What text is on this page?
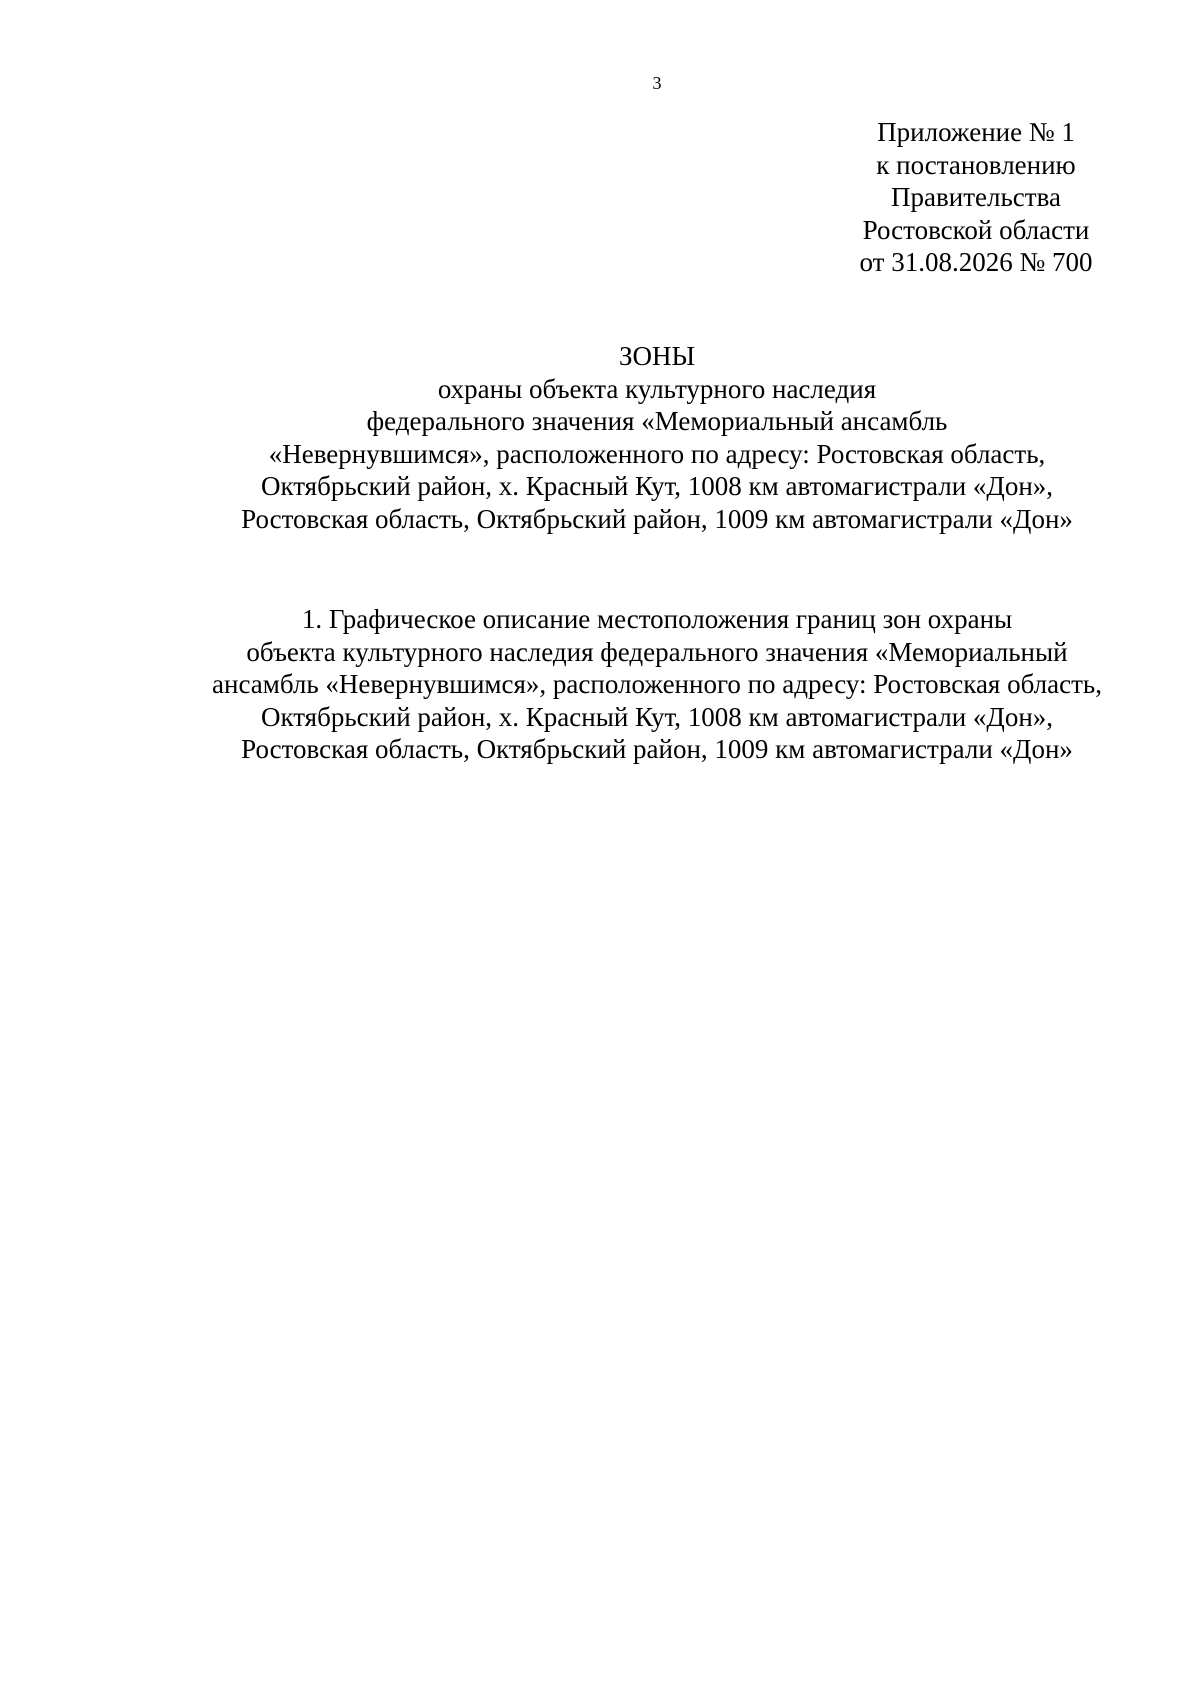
3
Приложение № 1
к постановлению
Правительства
Ростовской области
от 31.08.2026 № 700
ЗОНЫ
охраны объекта культурного наследия
федерального значения «Мемориальный ансамбль
«Невернувшимся», расположенного по адресу: Ростовская область,
Октябрьский район, х. Красный Кут, 1008 км автомагистрали «Дон»,
Ростовская область, Октябрьский район, 1009 км автомагистрали «Дон»
1. Графическое описание местоположения границ зон охраны
объекта культурного наследия федерального значения «Мемориальный
ансамбль «Невернувшимся», расположенного по адресу: Ростовская область,
Октябрьский район, х. Красный Кут, 1008 км автомагистрали «Дон»,
Ростовская область, Октябрьский район, 1009 км автомагистрали «Дон»
